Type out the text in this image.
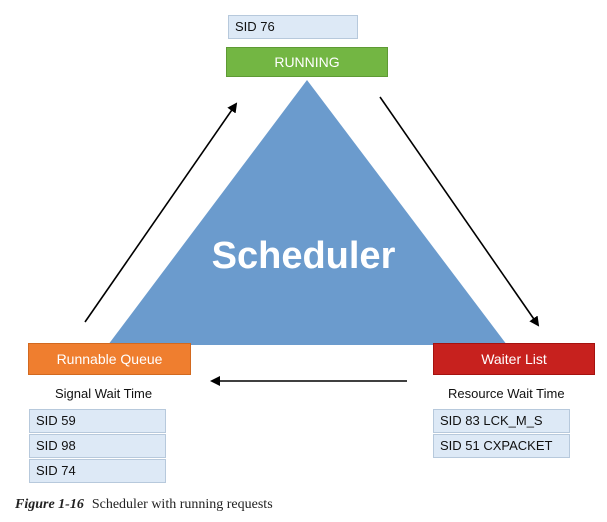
Scheduler
SID 76
RUNNING
Runnable Queue
Signal Wait Time
SID 59
SID 98
SID 74
Waiter List
Resource Wait Time
SID 83 LCK_M_S
SID 51 CXPACKET
Figure 1-16 Scheduler with running requests
